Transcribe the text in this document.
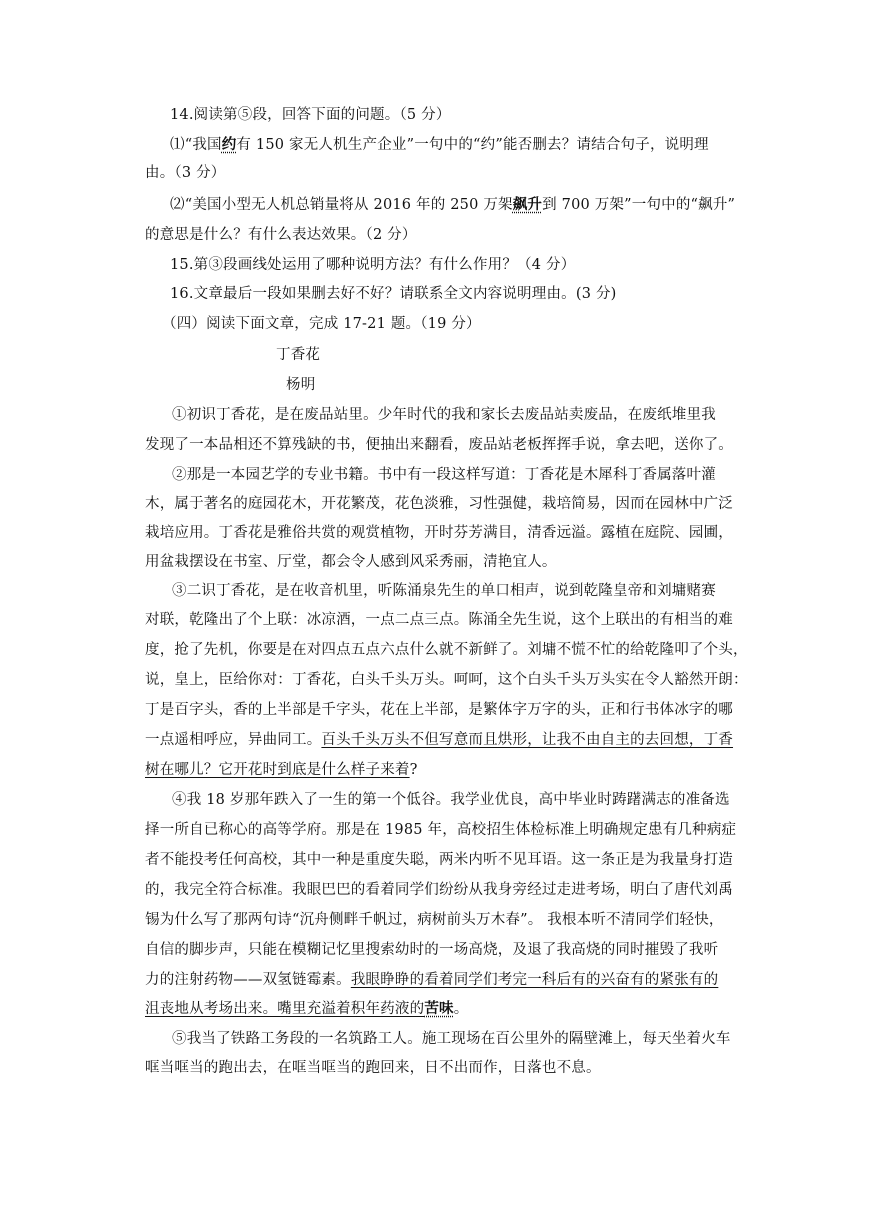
14.阅读第⑤段，回答下面的问题。（5 分）
⑴“我国约有 150 家无人机生产企业”一句中的“约”能否删去？请结合句子，说明理
由。（3 分）
⑵“美国小型无人机总销量将从 2016 年的 250 万架飙升到 700 万架”一句中的“飙升”
的意思是什么？有什么表达效果。（2 分）
15.第③段画线处运用了哪种说明方法？有什么作用？（4 分）
16.文章最后一段如果删去好不好？请联系全文内容说明理由。(3 分)
（四）阅读下面文章，完成 17-21 题。（19 分）
丁香花
杨明
①初识丁香花，是在废品站里。少年时代的我和家长去废品站卖废品，在废纸堆里我
发现了一本品相还不算残缺的书，便抽出来翻看，废品站老板挥挥手说，拿去吧，送你了。
②那是一本园艺学的专业书籍。书中有一段这样写道：丁香花是木犀科丁香属落叶灌
木，属于著名的庭园花木，开花繁茂，花色淡雅，习性强健，栽培简易，因而在园林中广泛
栽培应用。丁香花是雅俗共赏的观赏植物，开时芬芳满目，清香远溢。露植在庭院、园圃，
用盆栽摆设在书室、厅堂，都会令人感到风采秀丽，清艳宜人。
③二识丁香花，是在收音机里，听陈涌泉先生的单口相声，说到乾隆皇帝和刘墉赌赛
对联，乾隆出了个上联：冰凉酒，一点二点三点。陈涌全先生说，这个上联出的有相当的难
度，抢了先机，你要是在对四点五点六点什么就不新鲜了。刘墉不慌不忙的给乾隆叩了个头，
说，皇上，臣给你对：丁香花，白头千头万头。呵呵，这个白头千头万头实在令人豁然开朗：
丁是百字头，香的上半部是千字头，花在上半部，是繁体字万字的头，正和行书体冰字的哪
一点遥相呼应，异曲同工。百头千头万头不但写意而且烘形，让我不由自主的去回想，丁香
树在哪儿？它开花时到底是什么样子来着?
④我 18 岁那年跌入了一生的第一个低谷。我学业优良，高中毕业时踌躇满志的准备选
择一所自已称心的高等学府。那是在 1985 年，高校招生体检标准上明确规定患有几种病症
者不能投考任何高校，其中一种是重度失聪，两米内听不见耳语。这一条正是为我量身打造
的，我完全符合标准。我眼巴巴的看着同学们纷纷从我身旁经过走进考场，明白了唐代刘禹
锡为什么写了那两句诗“沉舟侧畔千帆过，病树前头万木春”。 我根本听不清同学们轻快，
自信的脚步声，只能在模糊记忆里搜索幼时的一场高烧，及退了我高烧的同时摧毁了我听
力的注射药物——双氢链霉素。我眼睁睁的看着同学们考完一科后有的兴奋有的紧张有的
沮丧地从考场出来。嘴里充溢着积年药液的苦味。
⑤我当了铁路工务段的一名筑路工人。施工现场在百公里外的隔壁滩上，每天坐着火车
哐当哐当的跑出去，在哐当哐当的跑回来，日不出而作，日落也不息。
